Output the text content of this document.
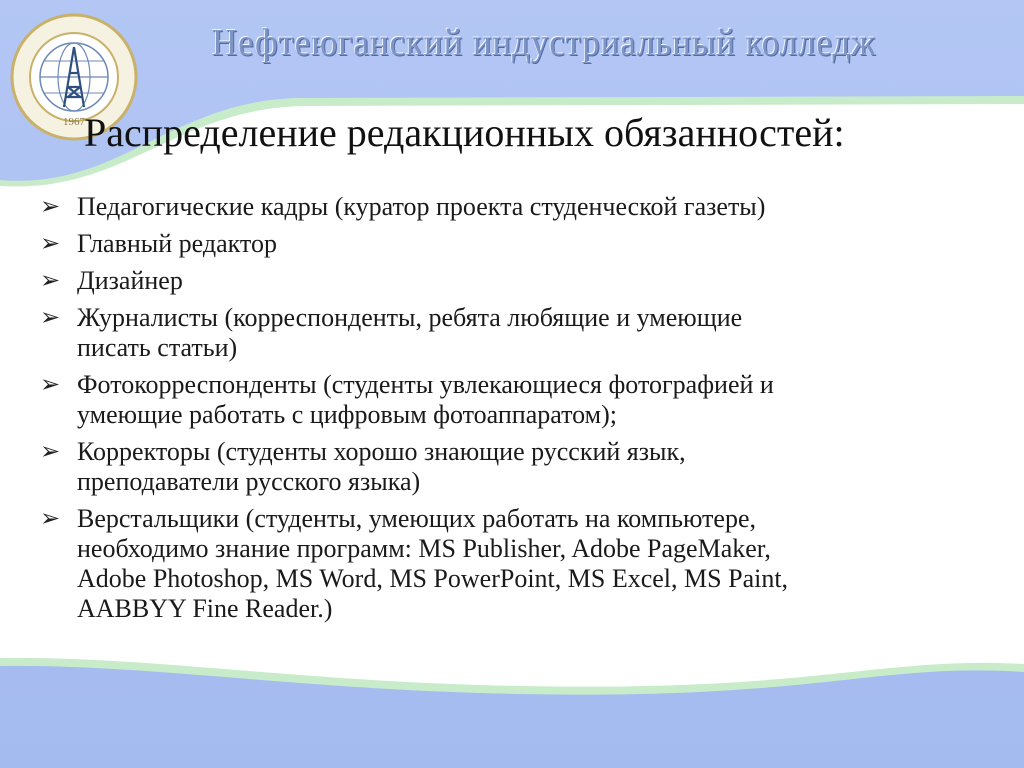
1967
Нефтеюганский индустриальный колледж
Распределение редакционных обязанностей:
➢ Педагогические кадры (куратор проекта студенческой газеты)
➢ Главный редактор
➢ Дизайнер
➢ Журналисты (корреспонденты, ребята любящие и умеющие
писать статьи)
➢ Фотокорреспонденты (студенты увлекающиеся фотографией и
умеющие работать с цифровым фотоаппаратом);
➢ Корректоры (студенты хорошо знающие русский язык,
преподаватели русского языка)
➢ Верстальщики (студенты, умеющих работать на компьютере,
необходимо знание программ: MS Publisher, Adobe PageMaker,
Adobe Photoshop, MS Word, MS PowerPoint, MS Excel, MS Paint,
AABBYY Fine Reader.)
